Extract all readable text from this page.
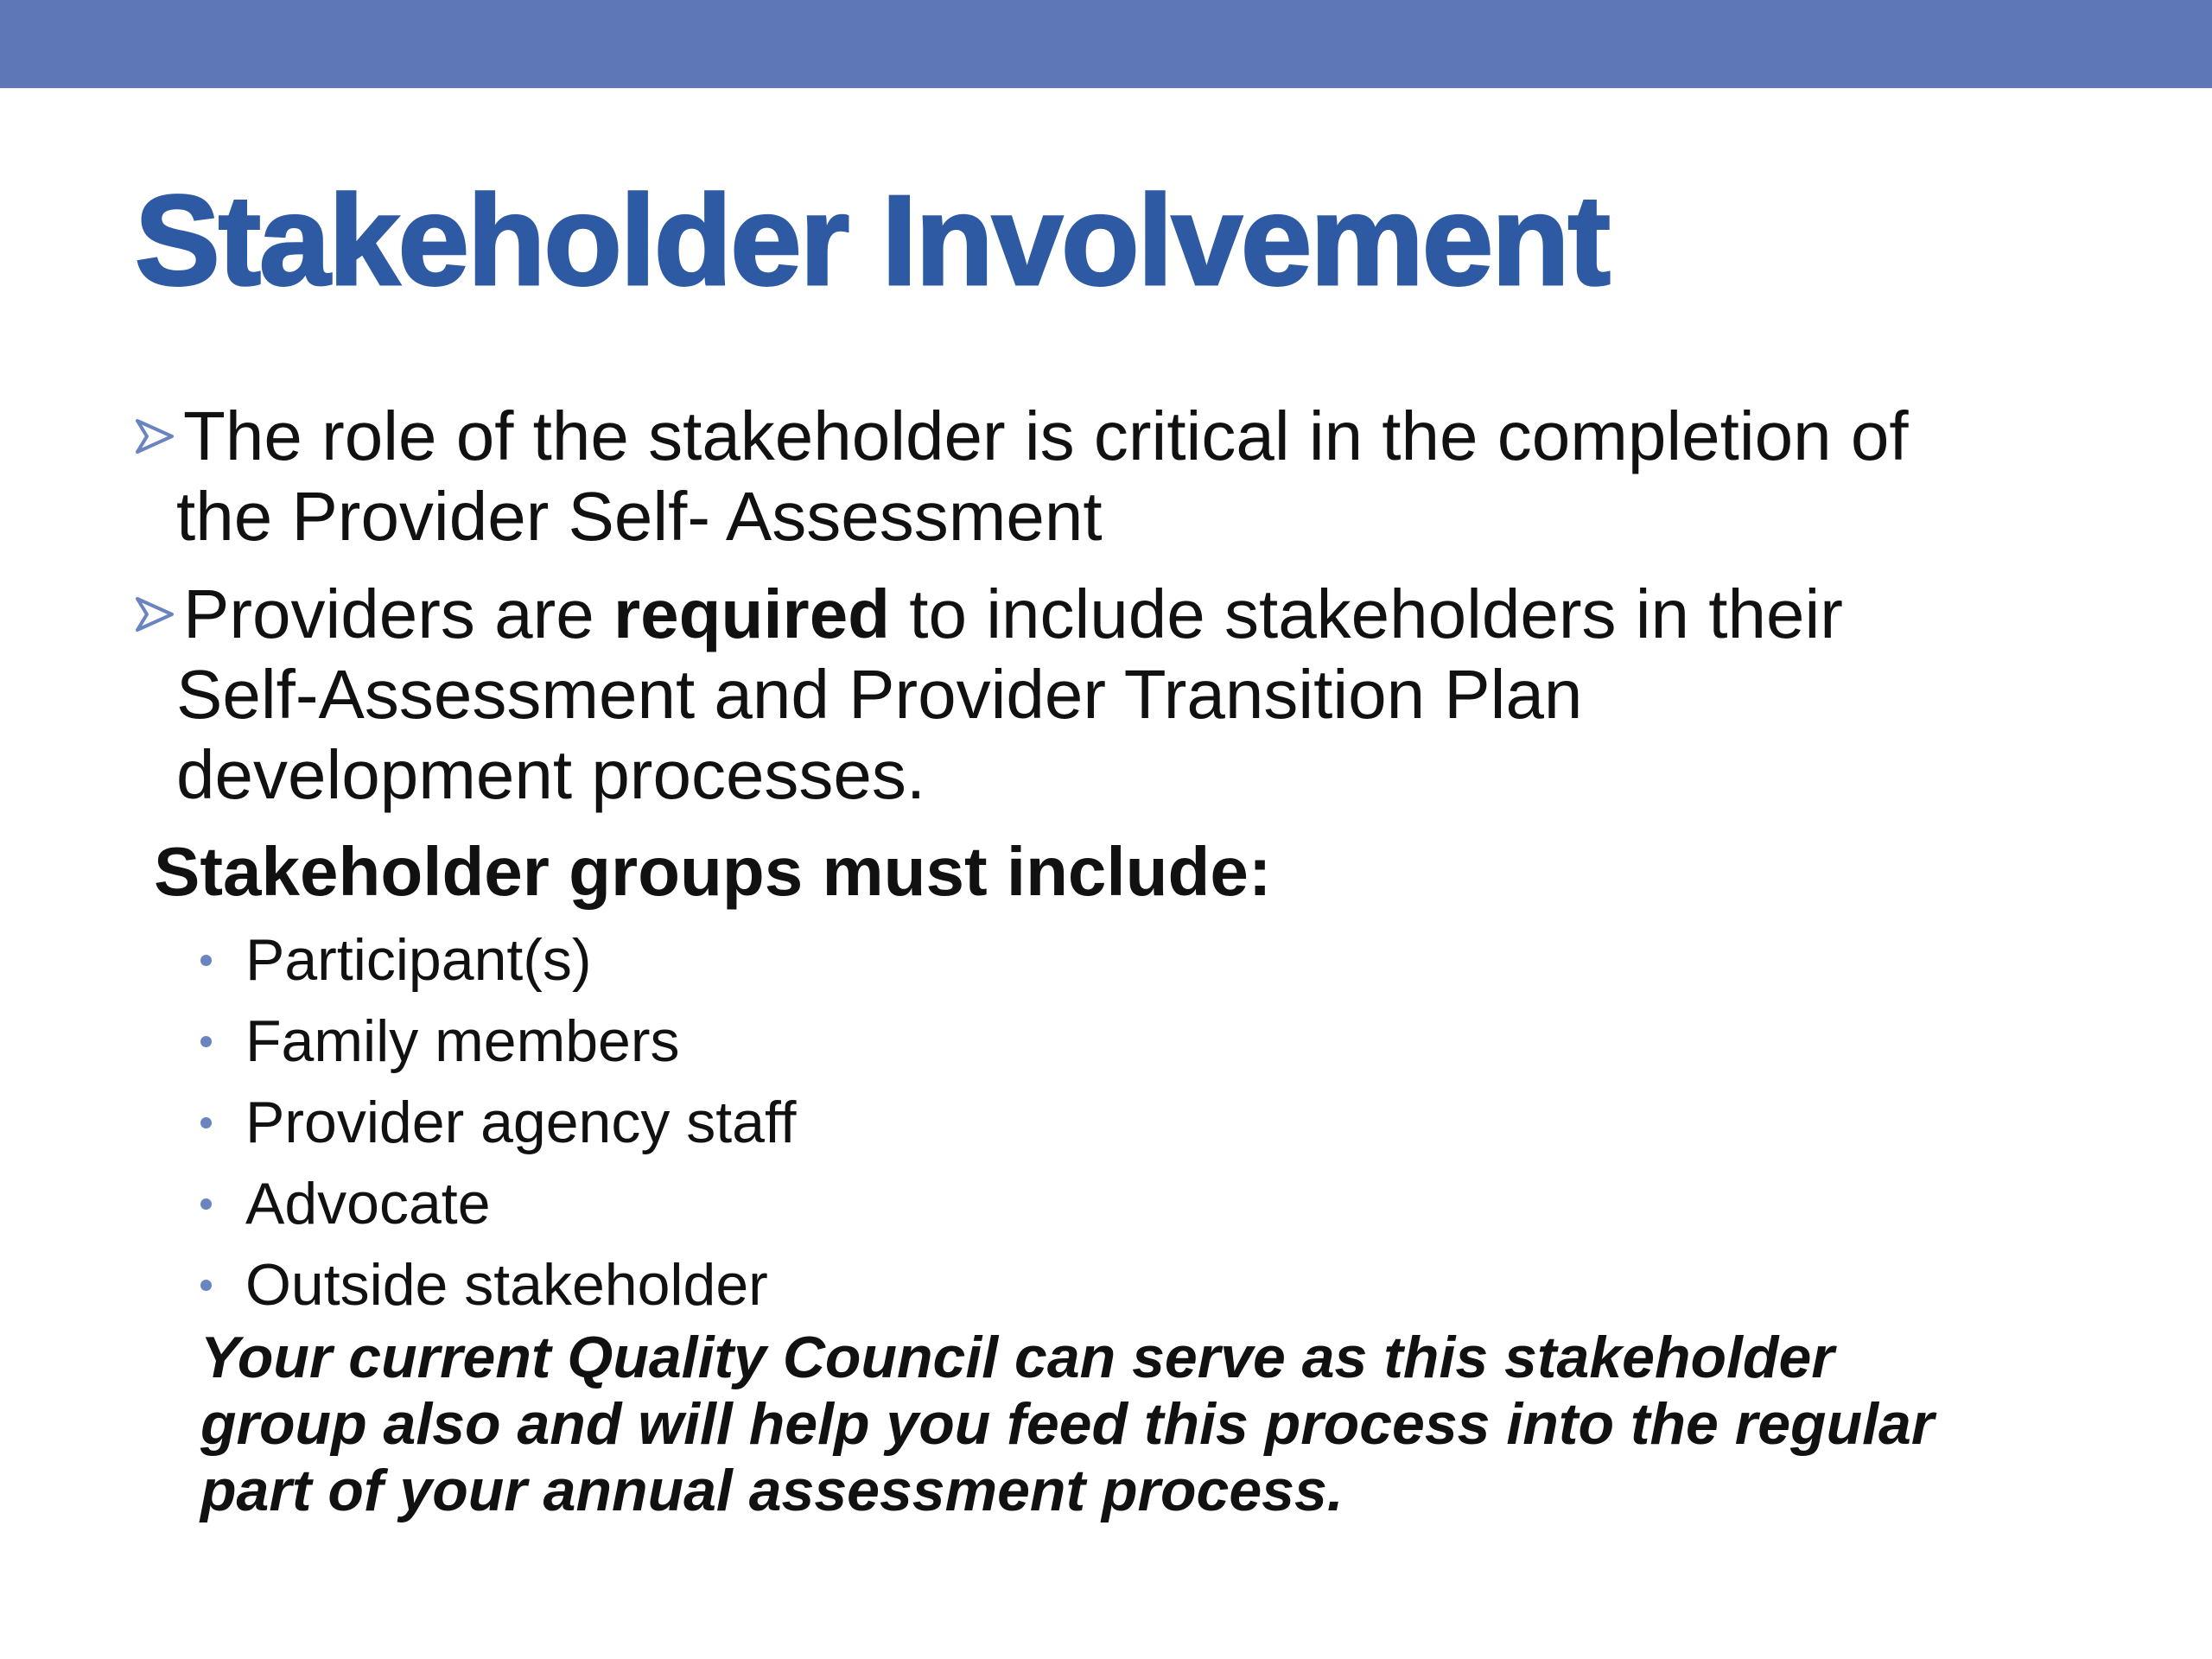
Stakeholder Involvement
The role of the stakeholder is critical in the completion of
the Provider Self- Assessment
Providers are required to include stakeholders in their
Self-Assessment and Provider Transition Plan
development processes.
Stakeholder groups must include:
Participant(s)
Family members
Provider agency staff
Advocate
Outside stakeholder

Your current Quality Council can serve as this stakeholder
group also and will help you feed this process into the regular
part of your annual assessment process.
